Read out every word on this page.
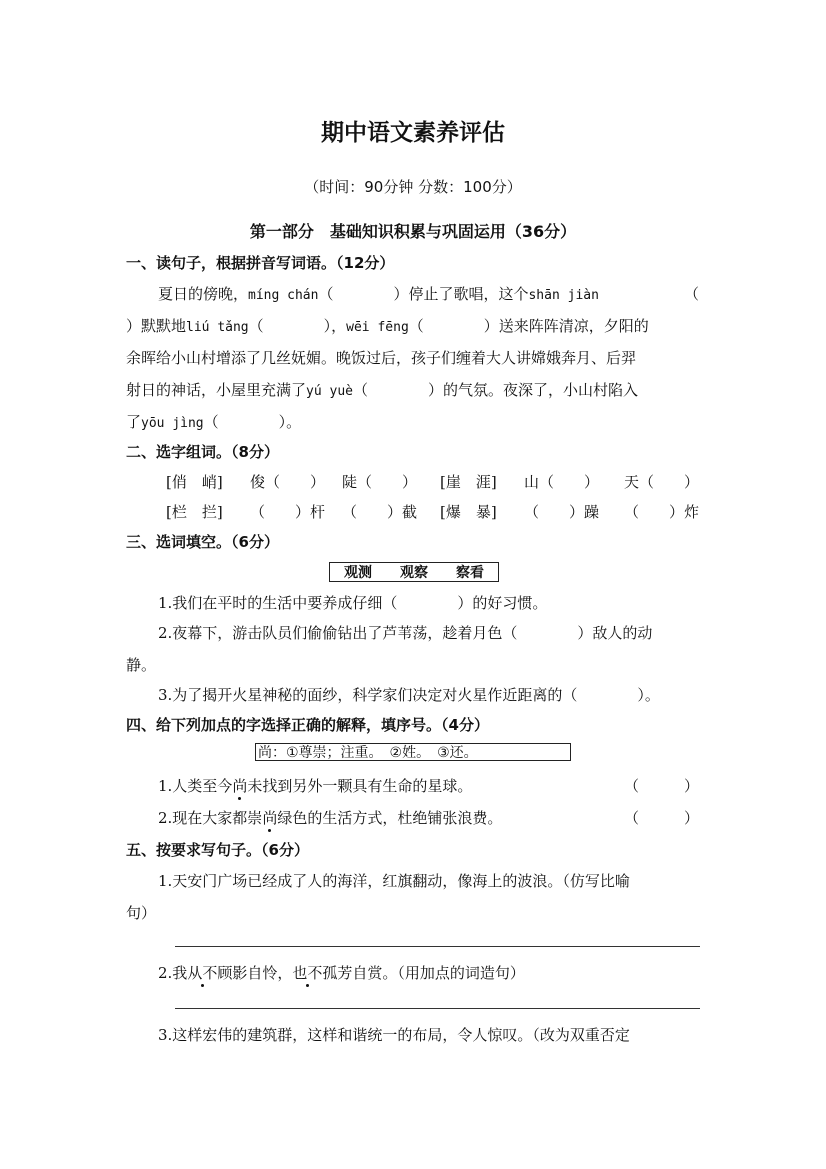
期中语文素养评估
（时间：90分钟 分数：100分）
第一部分　基础知识积累与巩固运用（36分）
一、读句子，根据拼音写词语。（12分）
夏日的傍晚，míng chán（　　　　）停止了歌唱，这个shān jiàn	（
）默默地liú tǎng（　　　　），wēi fēng（　　　　）送来阵阵清凉，夕阳的
余晖给小山村增添了几丝妩媚。晚饭过后，孩子们缠着大人讲嫦娥奔月、后羿
射日的神话，小屋里充满了yú yuè（　　　　）的气氛。夜深了，小山村陷入
了yōu jìng（　　　　）。
二、选字组词。（8分）
[俏　峭] 俊（　　） 陡（　　） [崖　涯] 山（　　） 天（　　）
[栏　拦] （　　）杆 （　　）截 [爆　暴] （　　）躁 （　　）炸
三、选词填空。（6分）
观测 观察 察看
1.我们在平时的生活中要养成仔细（　　　　）的好习惯。
2.夜幕下，游击队员们偷偷钻出了芦苇荡，趁着月色（　　　　）敌人的动
静。
3.为了揭开火星神秘的面纱，科学家们决定对火星作近距离的（　　　　）。
四、给下列加点的字选择正确的解释，填序号。（4分）
尚：①尊崇；注重。　②姓。　③还。
1.人类至今尚未找到另外一颗具有生命的星球。	（　　　）
2.现在大家都崇尚绿色的生活方式，杜绝铺张浪费。	（　　　）
五、按要求写句子。（6分）
1.天安门广场已经成了人的海洋，红旗翻动，像海上的波浪。（仿写比喻
句）
2.我从不顾影自怜，也不孤芳自赏。（用加点的词造句）
3.这样宏伟的建筑群，这样和谐统一的布局，令人惊叹。（改为双重否定
